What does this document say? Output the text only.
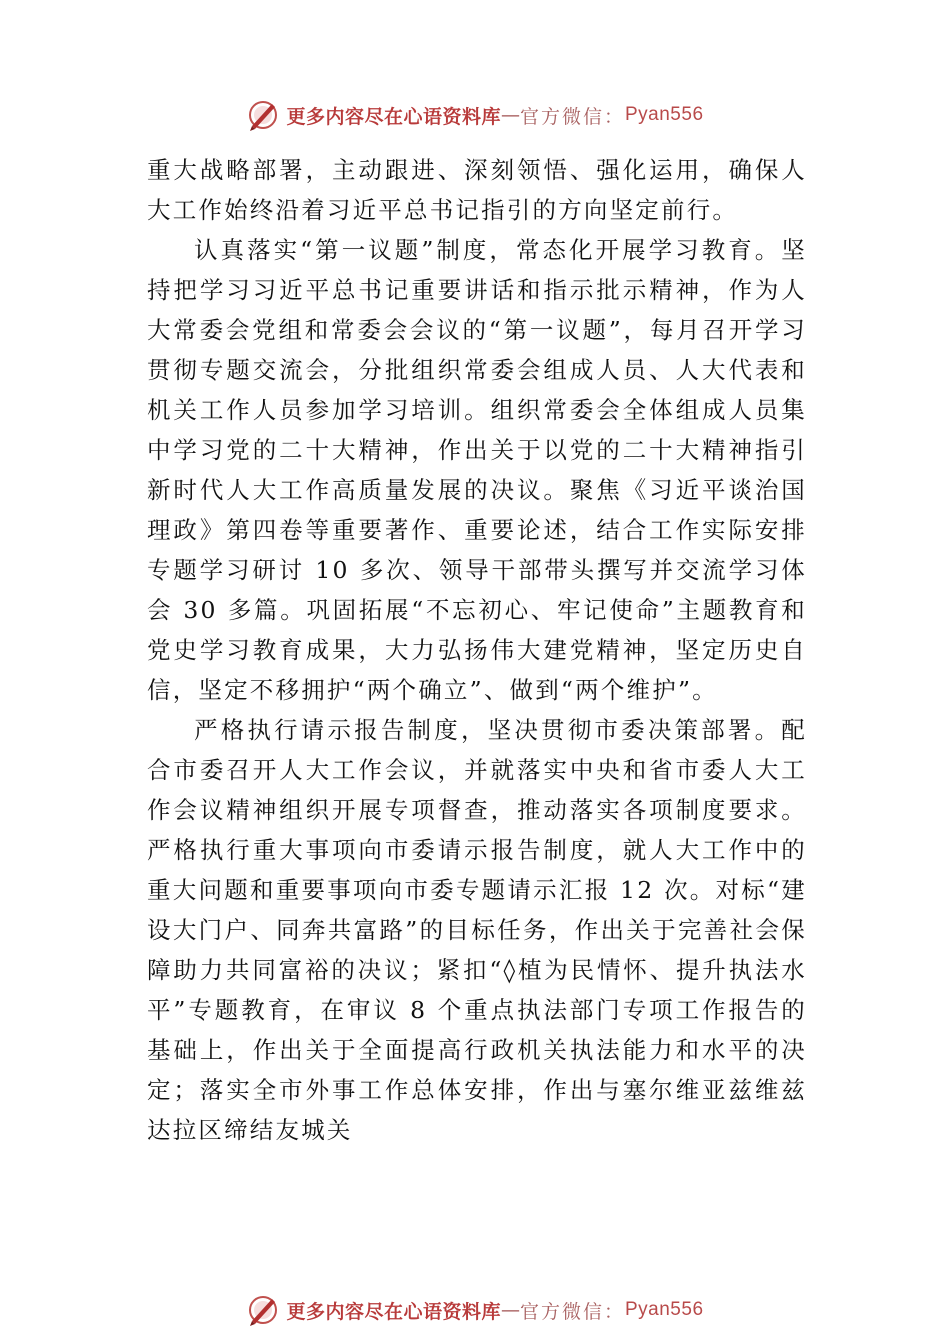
更多内容尽在心语资料库 — 官方微信： Pyan556

重大战略部署，主动跟进、深刻领悟、强化运用，确保人大工作始终沿着习近平总书记指引的方向坚定前行。

认真落实“第一议题”制度，常态化开展学习教育。坚持把学习习近平总书记重要讲话和指示批示精神，作为人大常委会党组和常委会会议的“第一议题”，每月召开学习贯彻专题交流会，分批组织常委会组成人员、人大代表和机关工作人员参加学习培训。组织常委会全体组成人员集中学习党的二十大精神，作出关于以党的二十大精神指引新时代人大工作高质量发展的决议。聚焦《习近平谈治国理政》第四卷等重要著作、重要论述，结合工作实际安排专题学习研讨 10 多次、领导干部带头撰写并交流学习体会 30 多篇。巩固拓展“不忘初心、牢记使命”主题教育和党史学习教育成果，大力弘扬伟大建党精神，坚定历史自信，坚定不移拥护“两个确立”、做到“两个维护”。

严格执行请示报告制度，坚决贯彻市委决策部署。配合市委召开人大工作会议，并就落实中央和省市委人大工作会议精神组织开展专项督查，推动落实各项制度要求。严格执行重大事项向市委请示报告制度，就人大工作中的重大问题和重要事项向市委专题请示汇报 12 次。对标“建设大门户、同奔共富路”的目标任务，作出关于完善社会保障助力共同富裕的决议；紧扣“◊植为民情怀、提升执法水平”专题教育，在审议 8 个重点执法部门专项工作报告的基础上，作出关于全面提高行政机关执法能力和水平的决定；落实全市外事工作总体安排，作出与塞尔维亚兹维兹达拉区缔结友城关

更多内容尽在心语资料库 — 官方微信： Pyan556
